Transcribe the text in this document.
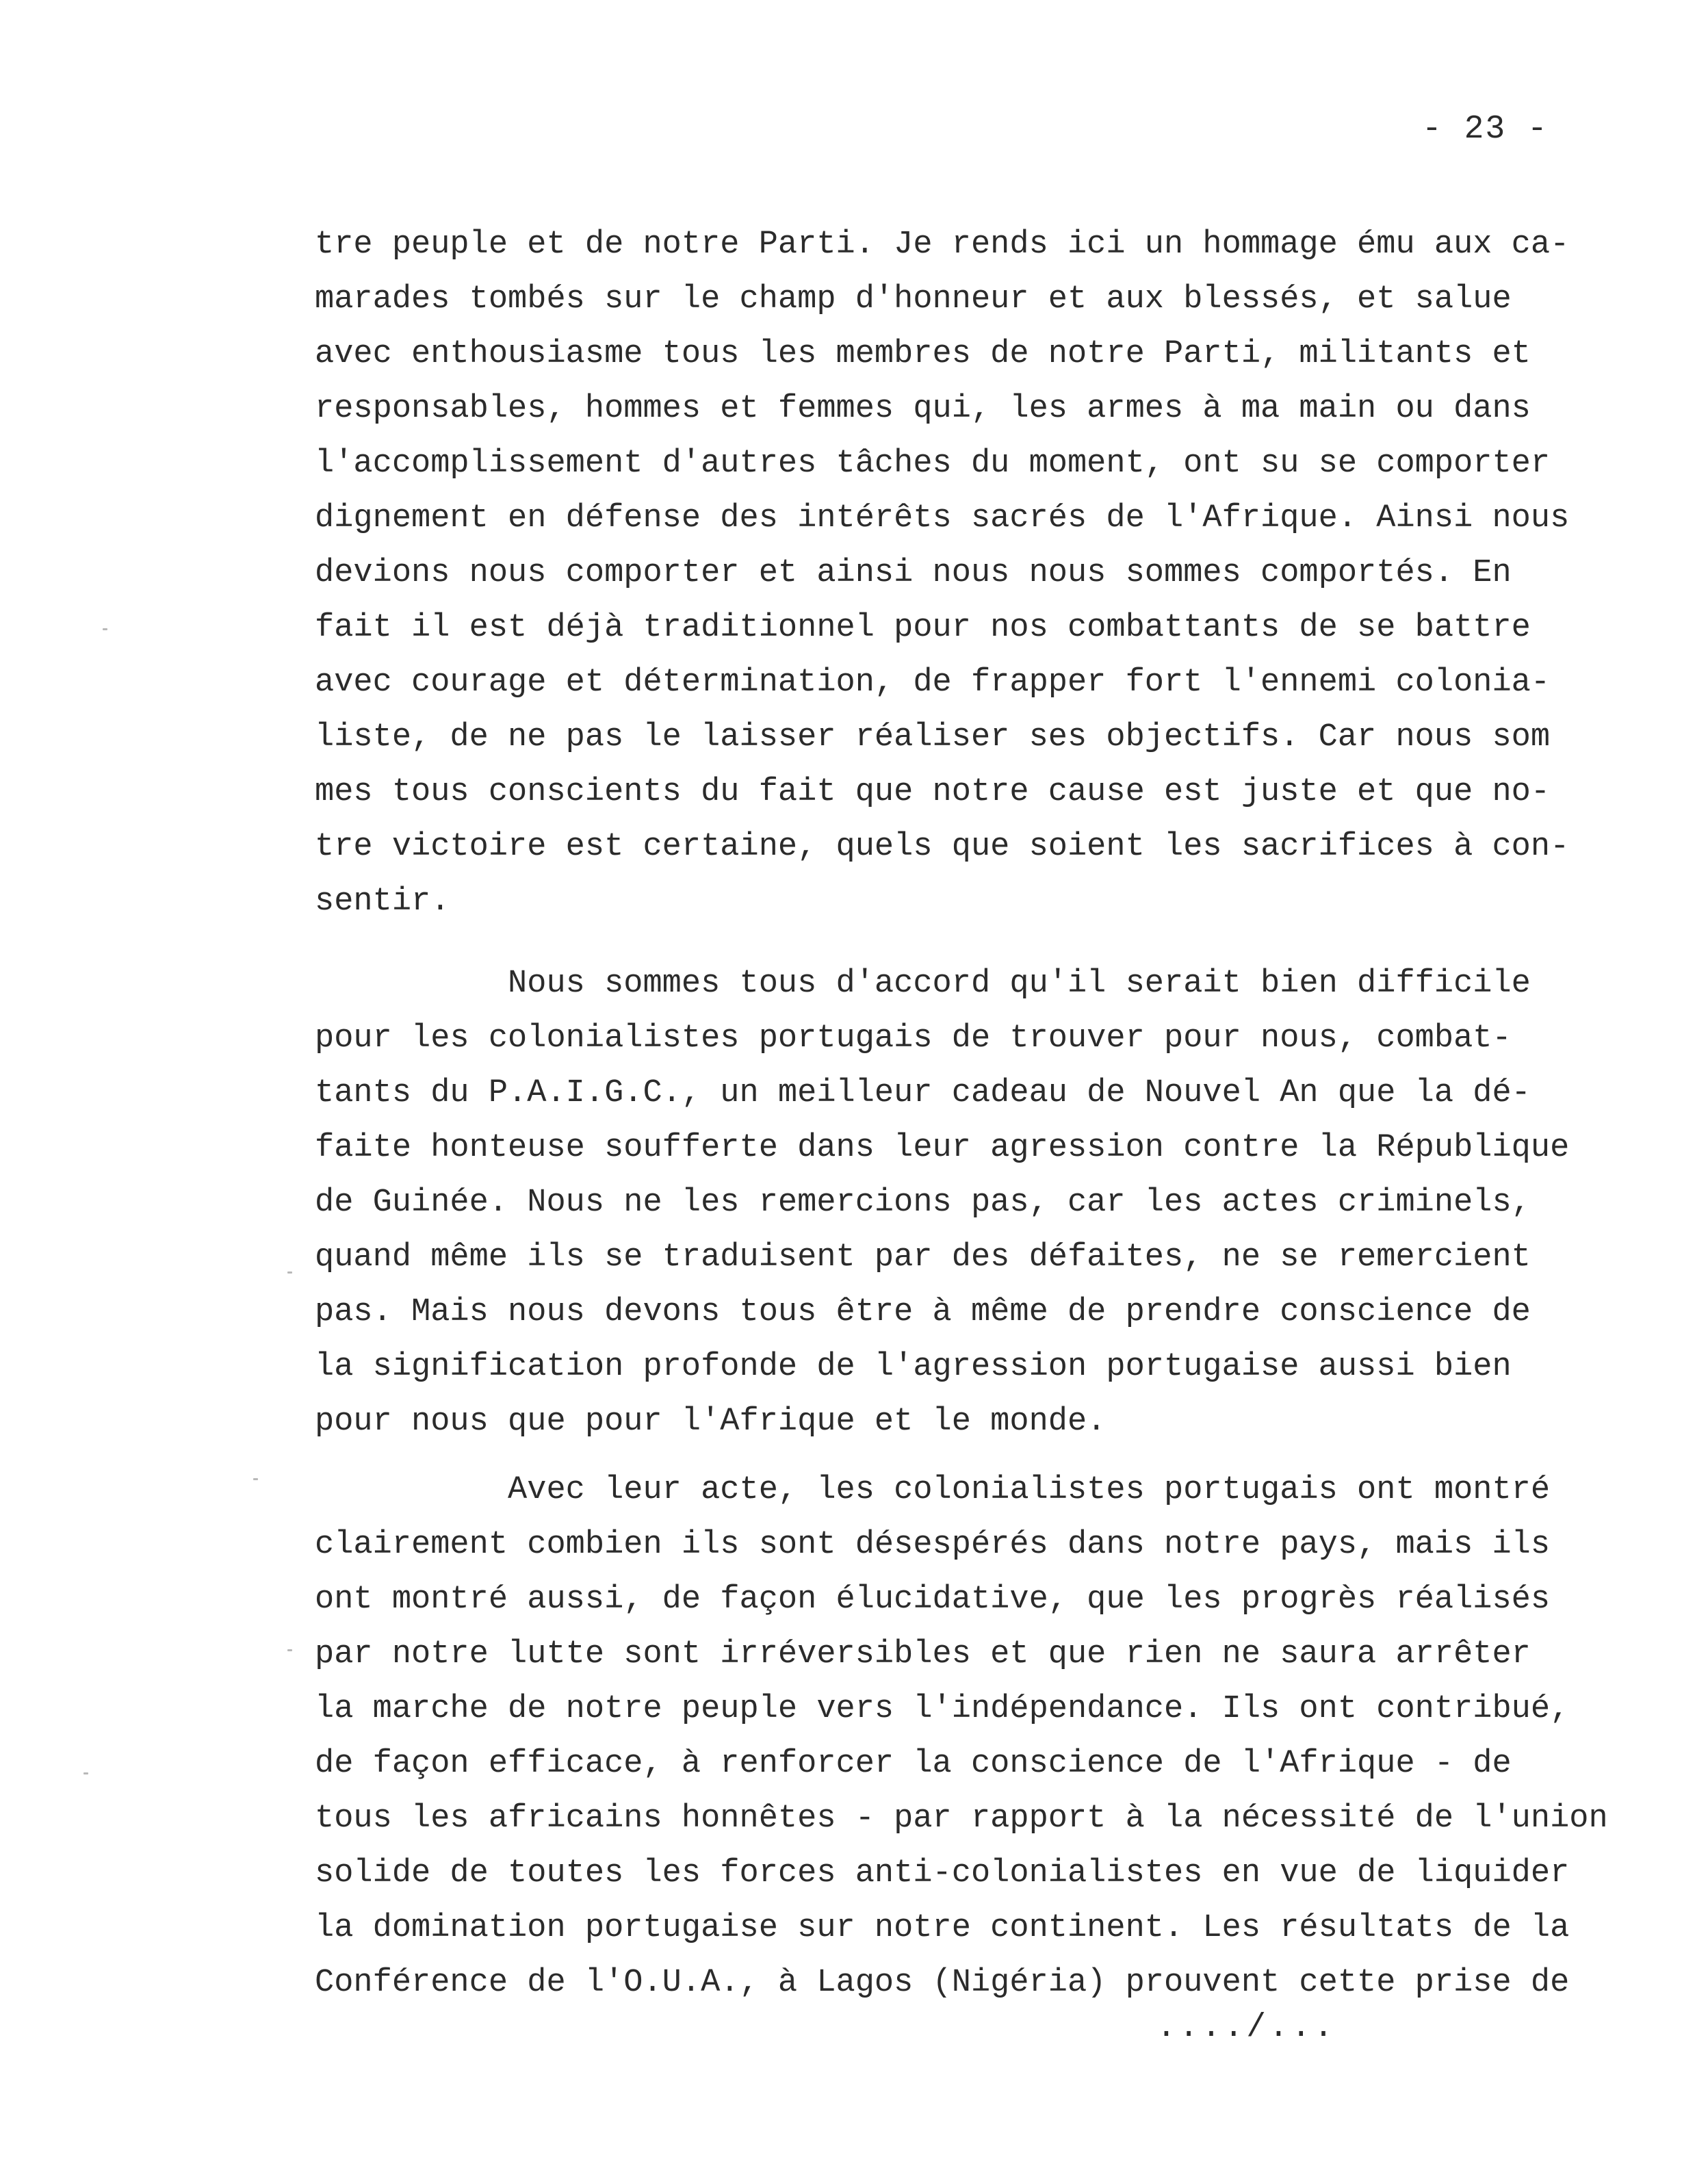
- 23 -
tre peuple et de notre Parti. Je rends ici un hommage ému aux ca-
marades tombés sur le champ d'honneur et aux blessés, et salue
avec enthousiasme tous les membres de notre Parti, militants et
responsables, hommes et femmes qui, les armes à ma main ou dans
l'accomplissement d'autres tâches du moment, ont su se comporter
dignement en défense des intérêts sacrés de l'Afrique. Ainsi nous
devions nous comporter et ainsi nous nous sommes comportés. En
fait il est déjà traditionnel pour nos combattants de se battre
avec courage et détermination, de frapper fort l'ennemi colonia-
liste, de ne pas le laisser réaliser ses objectifs. Car nous som
mes tous conscients du fait que notre cause est juste et que no-
tre victoire est certaine, quels que soient les sacrifices à con-
sentir.
Nous sommes tous d'accord qu'il serait bien difficile
pour les colonialistes portugais de trouver pour nous, combat-
tants du P.A.I.G.C., un meilleur cadeau de Nouvel An que la dé-
faite honteuse soufferte dans leur agression contre la République
de Guinée. Nous ne les remercions pas, car les actes criminels,
quand même ils se traduisent par des défaites, ne se remercient
pas. Mais nous devons tous être à même de prendre conscience de
la signification profonde de l'agression portugaise aussi bien
pour nous que pour l'Afrique et le monde.
Avec leur acte, les colonialistes portugais ont montré
clairement combien ils sont désespérés dans notre pays, mais ils
ont montré aussi, de façon élucidative, que les progrès réalisés
par notre lutte sont irréversibles et que rien ne saura arrêter
la marche de notre peuple vers l'indépendance. Ils ont contribué,
de façon efficace, à renforcer la conscience de l'Afrique - de
tous les africains honnêtes - par rapport à la nécessité de l'union
solide de toutes les forces anti-colonialistes en vue de liquider
la domination portugaise sur notre continent. Les résultats de la
Conférence de l'O.U.A., à Lagos (Nigéria) prouvent cette prise de
..../...
